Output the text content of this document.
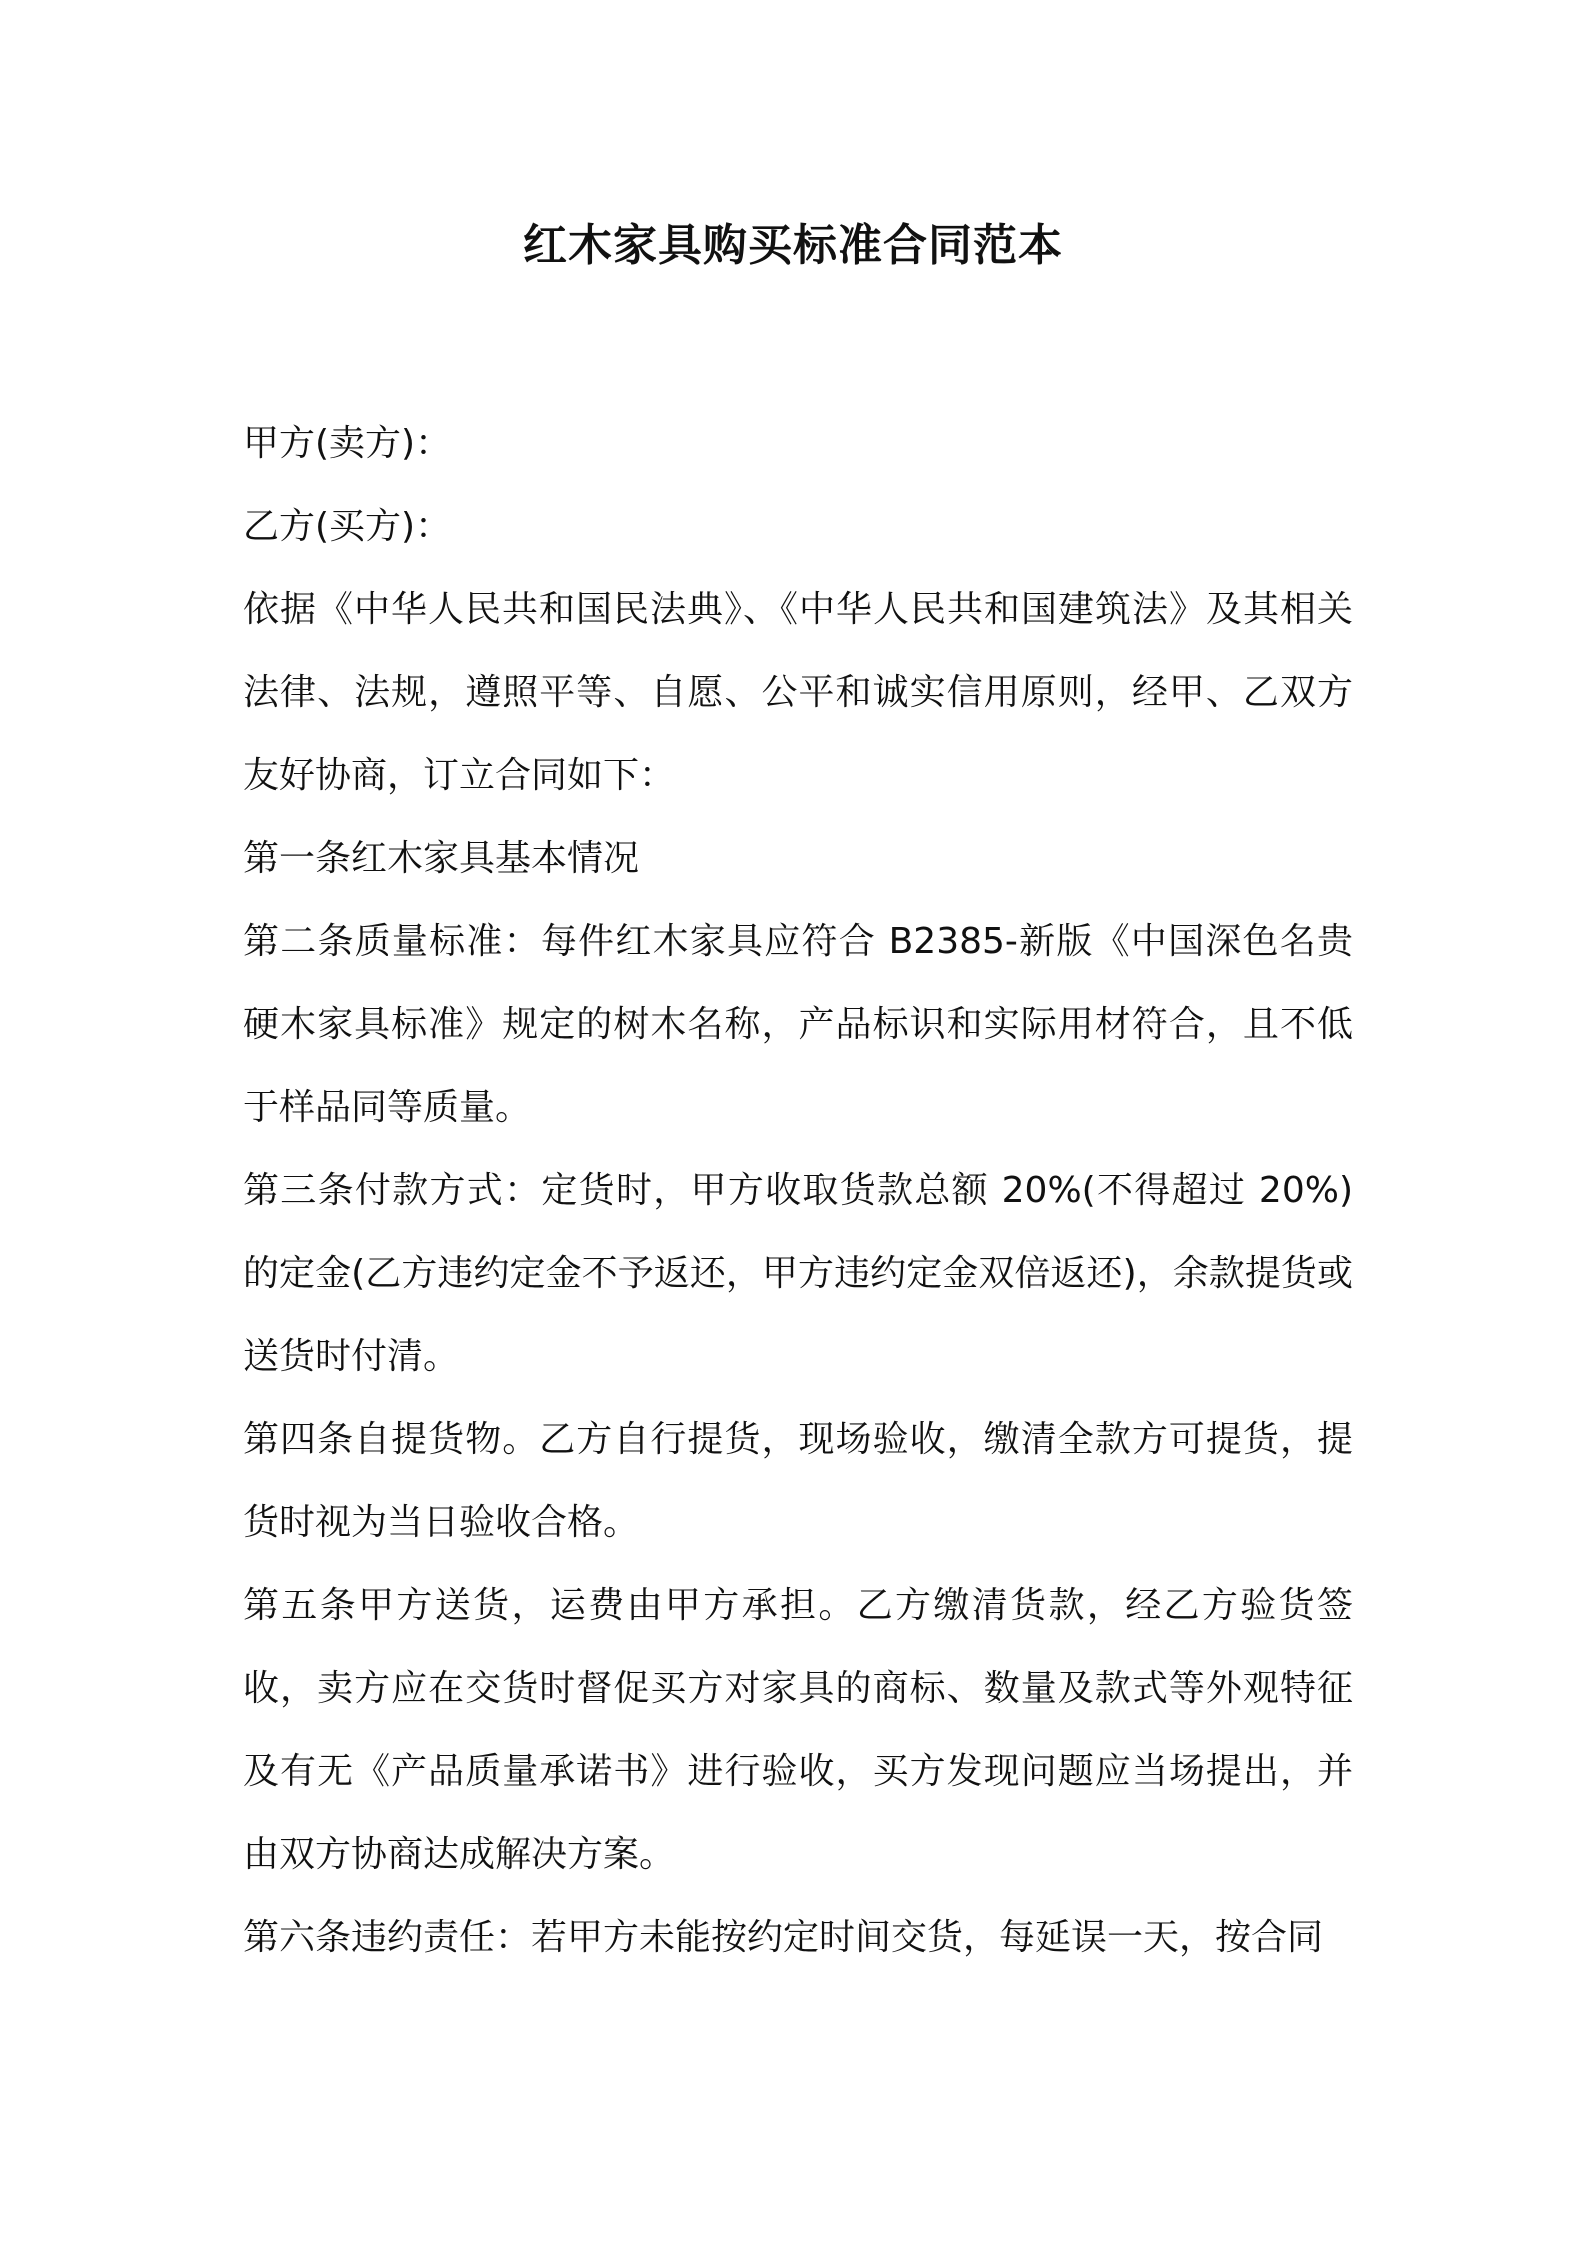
红木家具购买标准合同范本

甲方(卖方)：

乙方(买方)：

依据《中华人民共和国民法典》、《中华人民共和国建筑法》及其相关法律、法规，遵照平等、自愿、公平和诚实信用原则，经甲、乙双方友好协商，订立合同如下：

第一条红木家具基本情况

第二条质量标准：每件红木家具应符合 B2385-新版《中国深色名贵硬木家具标准》规定的树木名称，产品标识和实际用材符合，且不低于样品同等质量。

第三条付款方式：定货时，甲方收取货款总额 20%(不得超过 20%)的定金(乙方违约定金不予返还，甲方违约定金双倍返还)，余款提货或送货时付清。

第四条自提货物。乙方自行提货，现场验收，缴清全款方可提货，提货时视为当日验收合格。

第五条甲方送货，运费由甲方承担。乙方缴清货款，经乙方验货签收，卖方应在交货时督促买方对家具的商标、数量及款式等外观特征及有无《产品质量承诺书》进行验收，买方发现问题应当场提出，并由双方协商达成解决方案。

第六条违约责任：若甲方未能按约定时间交货，每延误一天，按合同
